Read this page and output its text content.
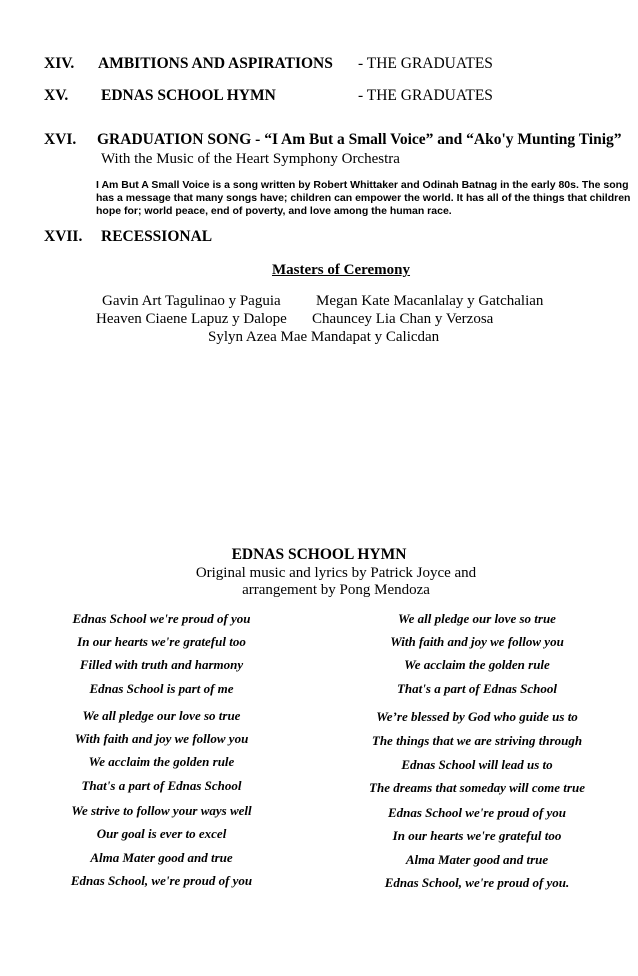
XIV. AMBITIONS AND ASPIRATIONS - THE GRADUATES
XV. EDNAS SCHOOL HYMN	- THE GRADUATES
XVI. GRADUATION SONG - “I Am But a Small Voice” and “Ako'y Munting Tinig”
With the Music of the Heart Symphony Orchestra
I Am But A Small Voice is a song written by Robert Whittaker and Odinah Batnag in the early 80s. The song
has a message that many songs have; children can empower the world. It has all of the things that children
hope for; world peace, end of poverty, and love among the human race.
XVII. RECESSIONAL
Masters of Ceremony
Gavin Art Tagulinao y Paguia Megan Kate Macanlalay y Gatchalian
Heaven Ciaene Lapuz y Dalope Chauncey Lia Chan y Verzosa
Sylyn Azea Mae Mandapat y Calicdan
EDNAS SCHOOL HYMN
Original music and lyrics by Patrick Joyce and
arrangement by Pong Mendoza
Ednas School we're proud of you
In our hearts we're grateful too
Filled with truth and harmony
Ednas School is part of me
We all pledge our love so true
With faith and joy we follow you
We acclaim the golden rule
That's a part of Ednas School
We strive to follow your ways well
Our goal is ever to excel
Alma Mater good and true
Ednas School, we're proud of you
We all pledge our love so true
With faith and joy we follow you
We acclaim the golden rule
That's a part of Ednas School
We’re blessed by God who guide us to
The things that we are striving through
Ednas School will lead us to
The dreams that someday will come true
Ednas School we're proud of you
In our hearts we're grateful too
Alma Mater good and true
Ednas School, we're proud of you.
